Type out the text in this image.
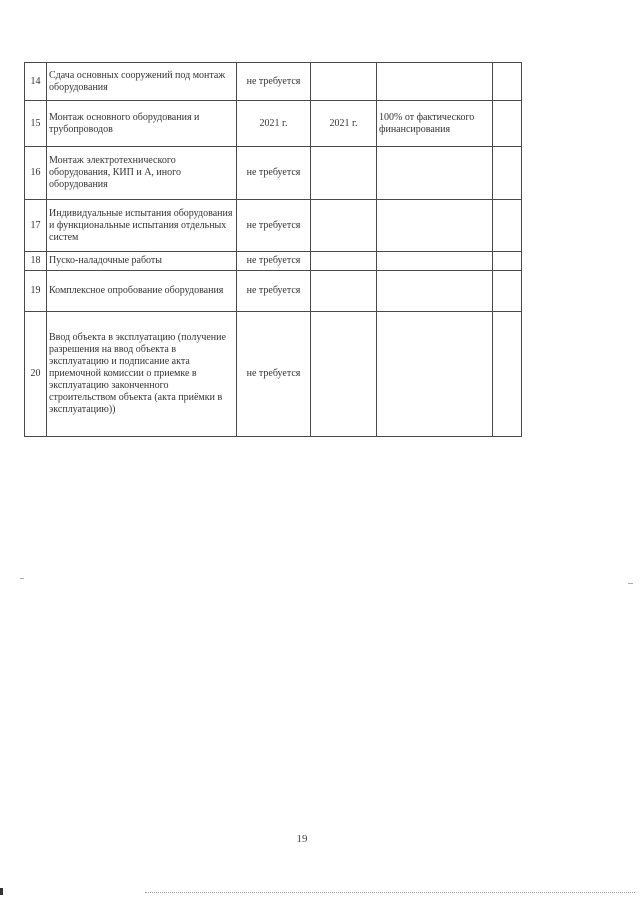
14	Сдача основных сооружений под монтаж оборудования	не требуется			
15	Монтаж основного оборудования и трубопроводов	2021 г.	2021 г.	100% от фактического финансирования	
16	Монтаж электротехнического оборудования, КИП и А, иного оборудования	не требуется			
17	Индивидуальные испытания оборудования и функциональные испытания отдельных систем	не требуется			
18	Пуско-наладочные работы	не требуется			
19	Комплексное опробование оборудования	не требуется			
20	Ввод объекта в эксплуатацию (получение разрешения на ввод объекта в эксплуатацию и подписание акта приемочной комиссии о приемке в эксплуатацию законченного строительством объекта (акта приёмки в эксплуатацию))	не требуется			
19
